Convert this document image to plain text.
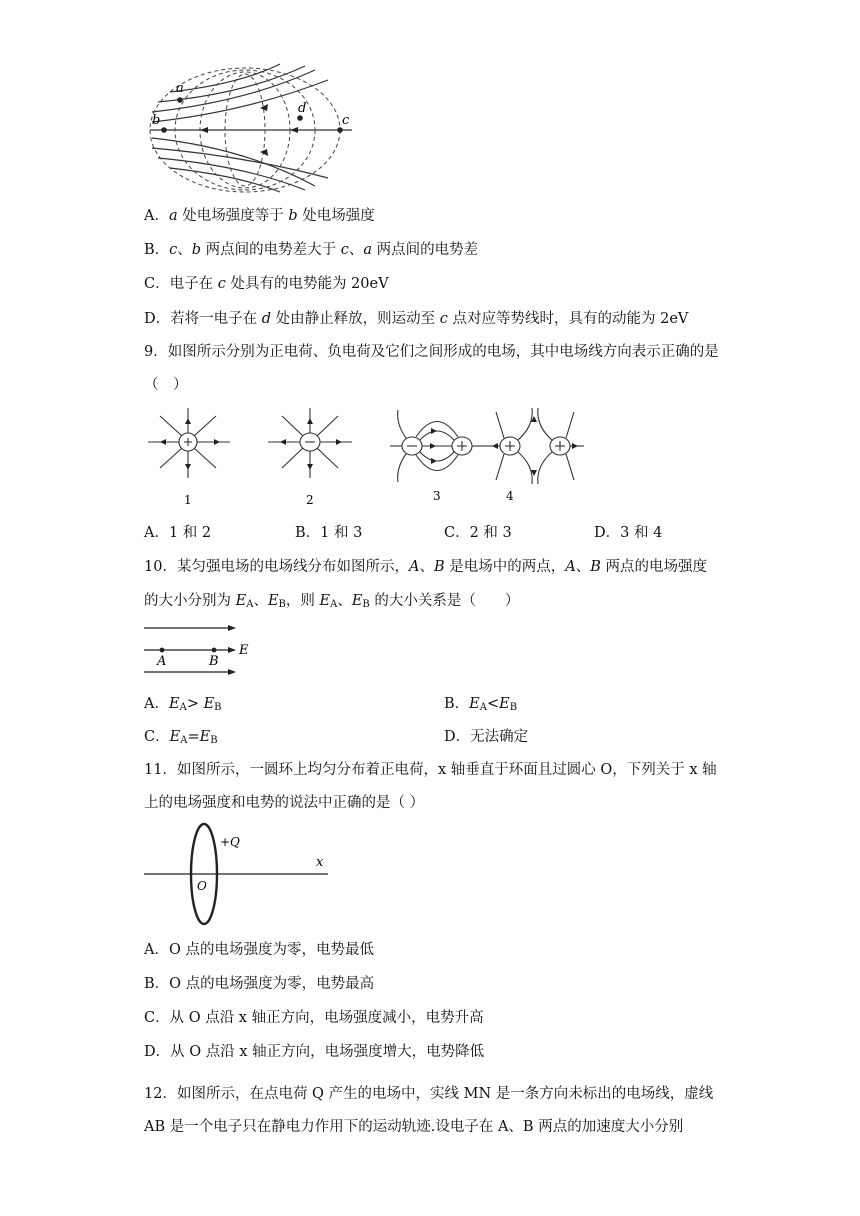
a
b	c
d
A．a 处电场强度等于 b 处电场强度
B．c、b 两点间的电势差大于 c、a 两点间的电势差
C．电子在 c 处具有的电势能为 20eV
D．若将一电子在 d 处由静止释放，则运动至 c 点对应等势线时，具有的动能为 2eV
9．如图所示分别为正电荷、负电荷及它们之间形成的电场，其中电场线方向表示正确的是（　）
1	2	3	4
A．1 和 2	B．1 和 3	C．2 和 3	D．3 和 4
10．某匀强电场的电场线分布如图所示，A、B 是电场中的两点，A、B 两点的电场强度
的大小分别为 $E_A$、$E_B$，则 $E_A$、$E_B$ 的大小关系是（　　）
A	B
E
A．$E_A> E_B$	B．$E_A<E_B$
C．$E_A=E_B$	D．无法确定
11．如图所示，一圆环上均匀分布着正电荷，x 轴垂直于环面且过圆心 O，下列关于 x 轴上的电场强度和电势的说法中正确的是（ ）
+Q
x
O
A．O 点的电场强度为零，电势最低
B．O 点的电场强度为零，电势最高
C．从 O 点沿 x 轴正方向，电场强度减小，电势升高
D．从 O 点沿 x 轴正方向，电场强度增大，电势降低
12．如图所示，在点电荷 Q 产生的电场中，实线 MN 是一条方向未标出的电场线，虚线 AB 是一个电子只在静电力作用下的运动轨迹.设电子在 A、B 两点的加速度大小分别
